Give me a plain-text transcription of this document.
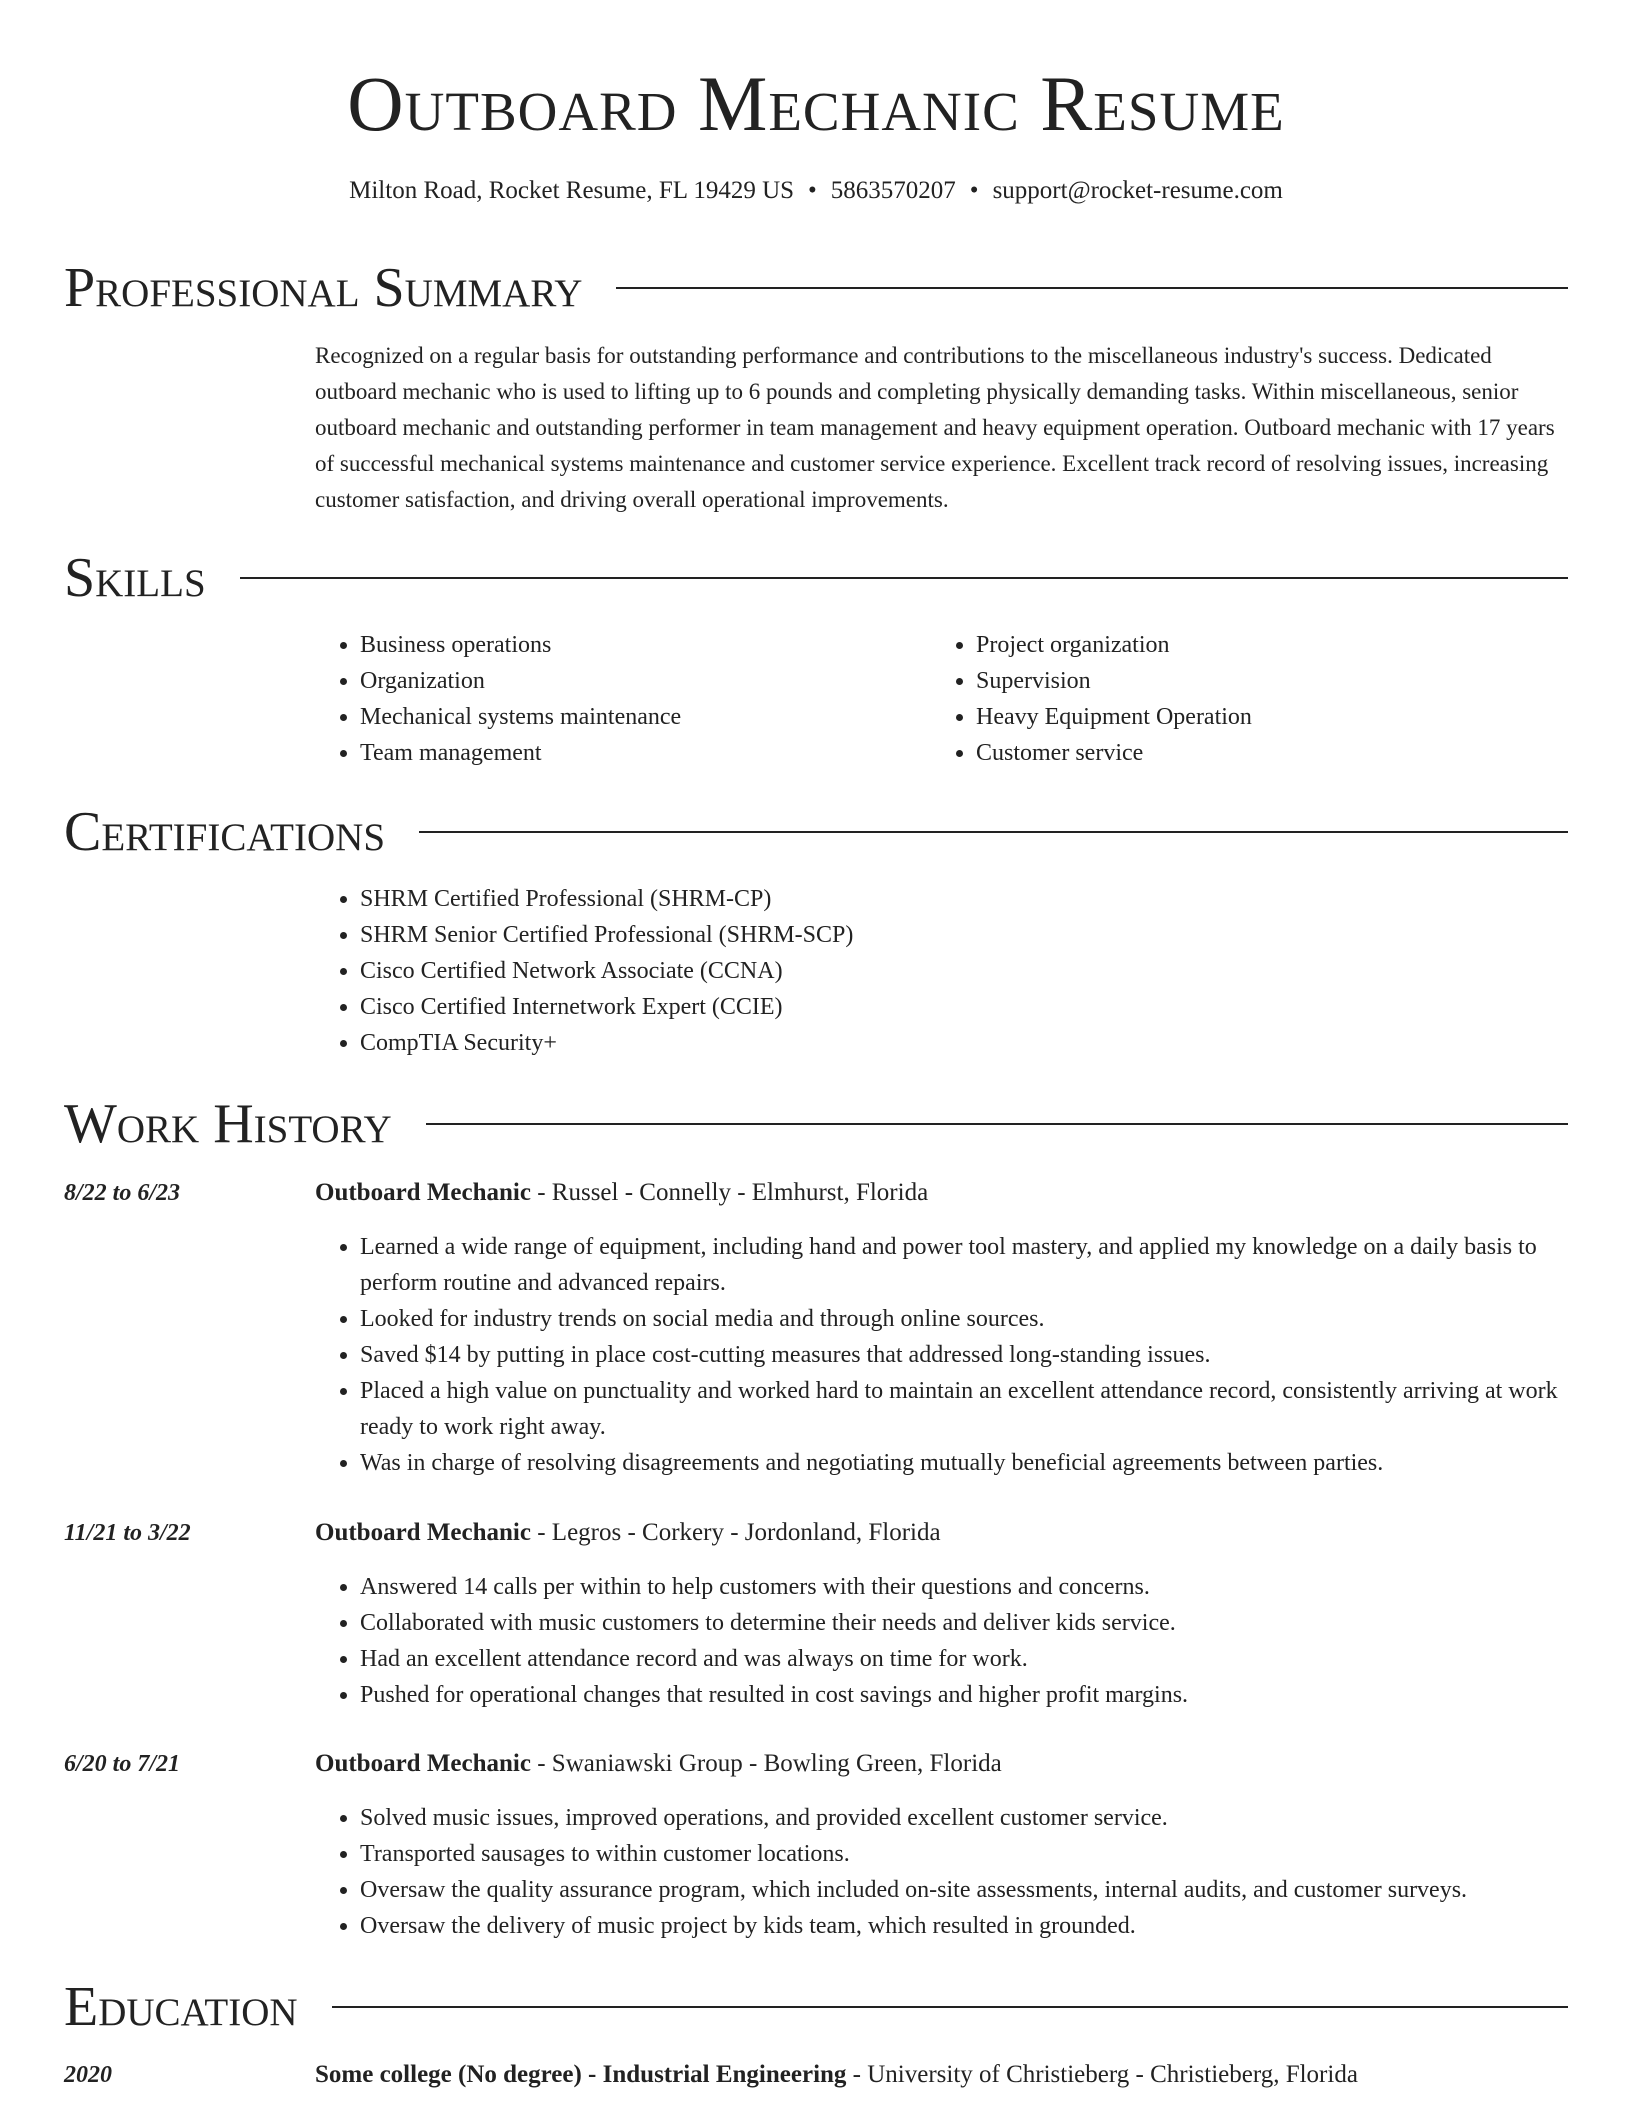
Outboard Mechanic Resume
Milton Road, Rocket Resume, FL 19429 US • 5863570207 • support@rocket-resume.com
Professional Summary

Recognized on a regular basis for outstanding performance and contributions to the miscellaneous industry's success. Dedicated outboard mechanic who is used to lifting up to 6 pounds and completing physically demanding tasks. Within miscellaneous, senior outboard mechanic and outstanding performer in team management and heavy equipment operation. Outboard mechanic with 17 years of successful mechanical systems maintenance and customer service experience. Excellent track record of resolving issues, increasing customer satisfaction, and driving overall operational improvements.

Skills
• Business operations
• Organization
• Mechanical systems maintenance
• Team management
• Project organization
• Supervision
• Heavy Equipment Operation
• Customer service
Certifications
• SHRM Certified Professional (SHRM-CP)
• SHRM Senior Certified Professional (SHRM-SCP)
• Cisco Certified Network Associate (CCNA)
• Cisco Certified Internetwork Expert (CCIE)
• CompTIA Security+
Work History
8/22 to 6/23	Outboard Mechanic - Russel - Connelly - Elmhurst, Florida
• Learned a wide range of equipment, including hand and power tool mastery, and applied my knowledge on a daily basis to perform routine and advanced repairs.
• Looked for industry trends on social media and through online sources.
• Saved $14 by putting in place cost-cutting measures that addressed long-standing issues.
• Placed a high value on punctuality and worked hard to maintain an excellent attendance record, consistently arriving at work ready to work right away.
• Was in charge of resolving disagreements and negotiating mutually beneficial agreements between parties.
11/21 to 3/22	Outboard Mechanic - Legros - Corkery - Jordonland, Florida
• Answered 14 calls per within to help customers with their questions and concerns.
• Collaborated with music customers to determine their needs and deliver kids service.
• Had an excellent attendance record and was always on time for work.
• Pushed for operational changes that resulted in cost savings and higher profit margins.
6/20 to 7/21	Outboard Mechanic - Swaniawski Group - Bowling Green, Florida
• Solved music issues, improved operations, and provided excellent customer service.
• Transported sausages to within customer locations.
• Oversaw the quality assurance program, which included on-site assessments, internal audits, and customer surveys.
• Oversaw the delivery of music project by kids team, which resulted in grounded.
Education
2020	Some college (No degree) - Industrial Engineering - University of Christieberg - Christieberg, Florida
